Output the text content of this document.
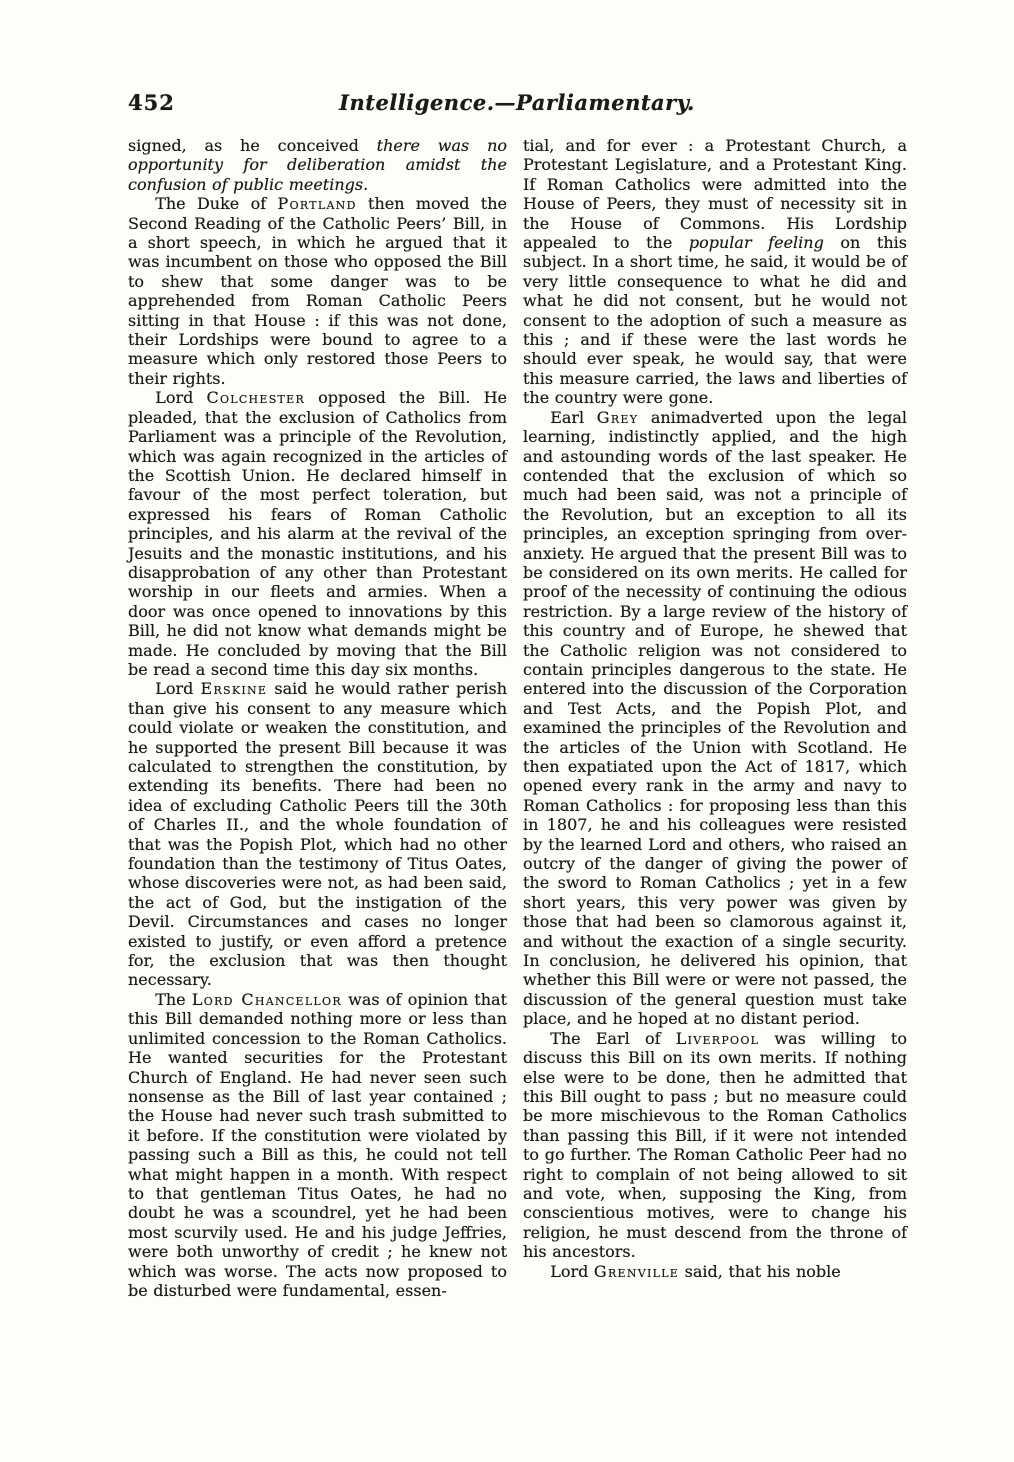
452	Intelligence.—Parliamentary.

signed, as he conceived there was no opportunity for deliberation amidst the confusion of public meetings.

The Duke of Portland then moved the Second Reading of the Catholic Peers’ Bill, in a short speech, in which he argued that it was incumbent on those who opposed the Bill to shew that some danger was to be apprehended from Roman Catholic Peers sitting in that House : if this was not done, their Lordships were bound to agree to a measure which only restored those Peers to their rights.

Lord Colchester opposed the Bill. He pleaded, that the exclusion of Catholics from Parliament was a principle of the Revolution, which was again recognized in the articles of the Scottish Union. He declared himself in favour of the most perfect toleration, but expressed his fears of Roman Catholic principles, and his alarm at the revival of the Jesuits and the monastic institutions, and his disapprobation of any other than Protestant worship in our fleets and armies. When a door was once opened to innovations by this Bill, he did not know what demands might be made. He concluded by moving that the Bill be read a second time this day six months.

Lord Erskine said he would rather perish than give his consent to any measure which could violate or weaken the constitution, and he supported the present Bill because it was calculated to strengthen the constitution, by extending its benefits. There had been no idea of excluding Catholic Peers till the 30th of Charles II., and the whole foundation of that was the Popish Plot, which had no other foundation than the testimony of Titus Oates, whose discoveries were not, as had been said, the act of God, but the instigation of the Devil. Circumstances and cases no longer existed to justify, or even afford a pretence for, the exclusion that was then thought necessary.

The Lord Chancellor was of opinion that this Bill demanded nothing more or less than unlimited concession to the Roman Catholics. He wanted securities for the Protestant Church of England. He had never seen such nonsense as the Bill of last year contained ; the House had never such trash submitted to it before. If the constitution were violated by passing such a Bill as this, he could not tell what might happen in a month. With respect to that gentleman Titus Oates, he had no doubt he was a scoundrel, yet he had been most scurvily used. He and his judge Jeffries, were both unworthy of credit ; he knew not which was worse. The acts now proposed to be disturbed were fundamental, essen-

tial, and for ever : a Protestant Church, a Protestant Legislature, and a Protestant King. If Roman Catholics were admitted into the House of Peers, they must of necessity sit in the House of Commons. His Lordship appealed to the popular feeling on this subject. In a short time, he said, it would be of very little consequence to what he did and what he did not consent, but he would not consent to the adoption of such a measure as this ; and if these were the last words he should ever speak, he would say, that were this measure carried, the laws and liberties of the country were gone.

Earl Grey animadverted upon the legal learning, indistinctly applied, and the high and astounding words of the last speaker. He contended that the exclusion of which so much had been said, was not a principle of the Revolution, but an exception to all its principles, an exception springing from over-anxiety. He argued that the present Bill was to be considered on its own merits. He called for proof of the necessity of continuing the odious restriction. By a large review of the history of this country and of Europe, he shewed that the Catholic religion was not considered to contain principles dangerous to the state. He entered into the discussion of the Corporation and Test Acts, and the Popish Plot, and examined the principles of the Revolution and the articles of the Union with Scotland. He then expatiated upon the Act of 1817, which opened every rank in the army and navy to Roman Catholics : for proposing less than this in 1807, he and his colleagues were resisted by the learned Lord and others, who raised an outcry of the danger of giving the power of the sword to Roman Catholics ; yet in a few short years, this very power was given by those that had been so clamorous against it, and without the exaction of a single security. In conclusion, he delivered his opinion, that whether this Bill were or were not passed, the discussion of the general question must take place, and he hoped at no distant period.

The Earl of Liverpool was willing to discuss this Bill on its own merits. If nothing else were to be done, then he admitted that this Bill ought to pass ; but no measure could be more mischievous to the Roman Catholics than passing this Bill, if it were not intended to go further. The Roman Catholic Peer had no right to complain of not being allowed to sit and vote, when, supposing the King, from conscientious motives, were to change his religion, he must descend from the throne of his ancestors.

Lord Grenville said, that his noble
